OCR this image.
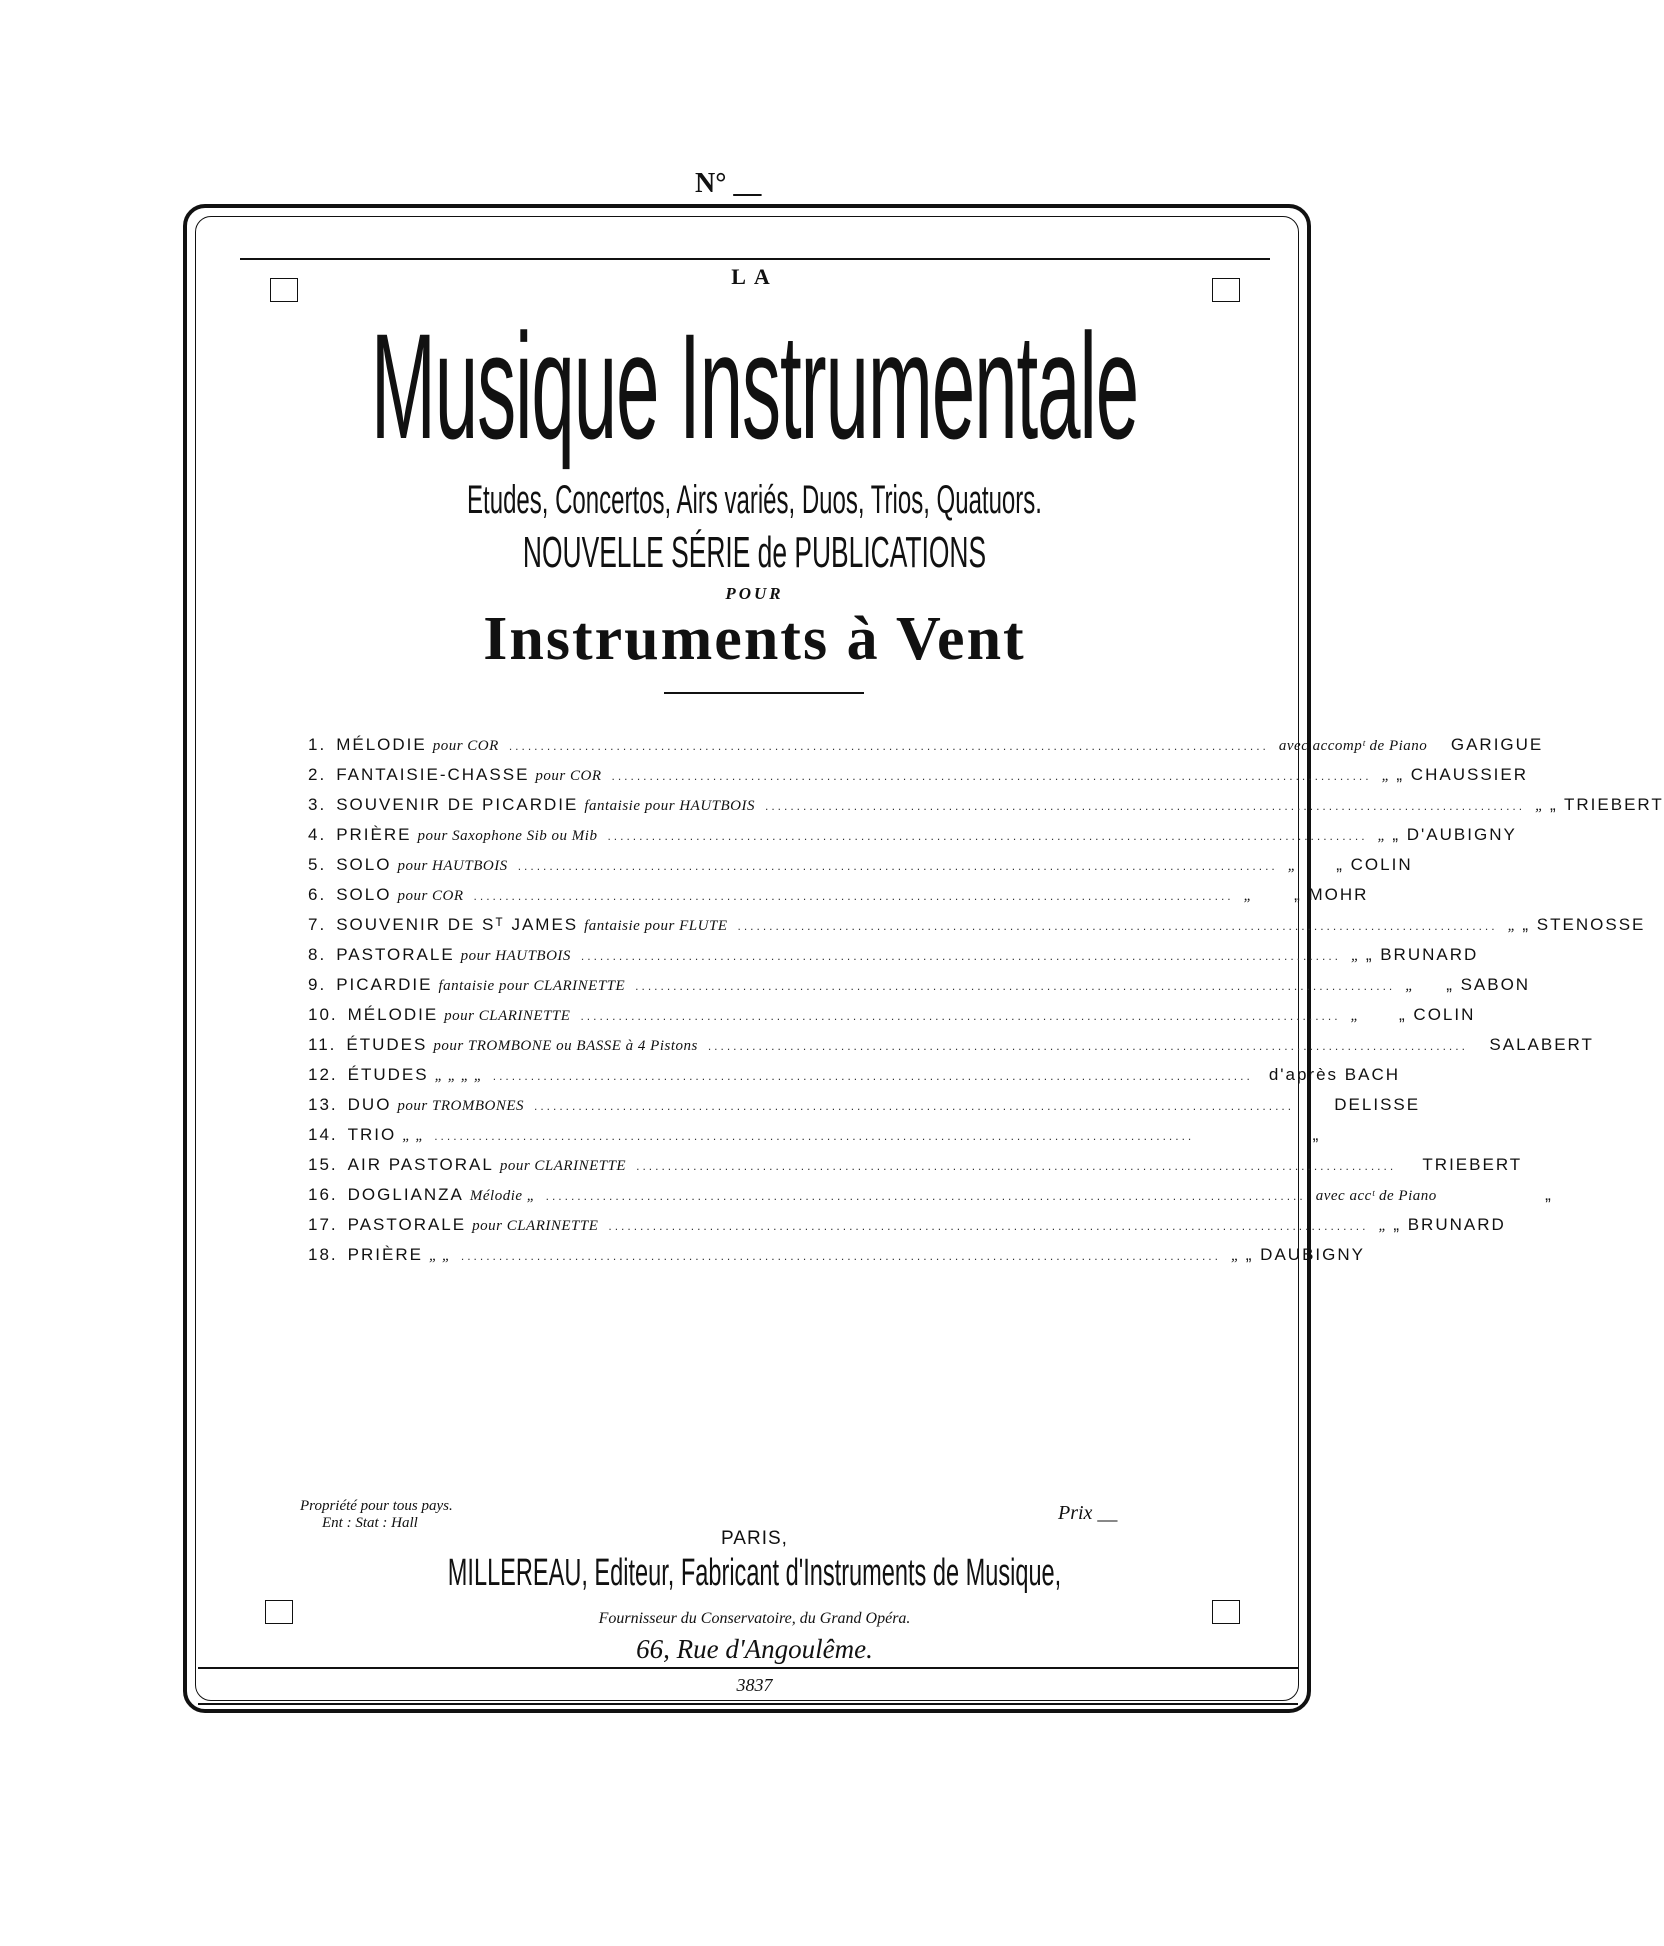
N° __
LA
Musique Instrumentale
Etudes, Concertos, Airs variés, Duos, Trios, Quatuors.
NOUVELLE SÉRIE de PUBLICATIONS
POUR
Instruments à Vent
1. MÉLODIE pour COR ........................................................................................................................ avec accompᵗ de Piano	GARIGUE
2. FANTAISIE-CHASSE pour COR ........................................................................................................................ „ „ CHAUSSIER
3. SOUVENIR DE PICARDIE fantaisie pour HAUTBOIS ........................................................................................................................ „ „ TRIEBERT
4. PRIÈRE pour Saxophone Sib ou Mib ........................................................................................................................ „ „ D'AUBIGNY
5. SOLO pour HAUTBOIS ........................................................................................................................ „	„ COLIN
6. SOLO pour COR ........................................................................................................................ „	„ MOHR
7. SOUVENIR DE Sᵀ JAMES fantaisie pour FLUTE ........................................................................................................................ „ „ STENOSSE
8. PASTORALE pour HAUTBOIS ........................................................................................................................ „ „ BRUNARD
9. PICARDIE fantaisie pour CLARINETTE ........................................................................................................................ „	„ SABON
10. MÉLODIE pour CLARINETTE ........................................................................................................................ „	„ COLIN
11. ÉTUDES pour TROMBONE ou BASSE à 4 Pistons ........................................................................................................................	SALABERT
12. ÉTUDES „ „ „ „ ........................................................................................................................ d'après BACH
13. DUO pour TROMBONES ........................................................................................................................	DELISSE
14. TRIO „ „ ........................................................................................................................	„
15. AIR PASTORAL pour CLARINETTE ........................................................................................................................	TRIEBERT
16. DOGLIANZA Mélodie „ ........................................................................................................................ avec accᵗ de Piano	„
17. PASTORALE pour CLARINETTE ........................................................................................................................ „ „ BRUNARD
18. PRIÈRE „ „ ........................................................................................................................ „ „ DAUBIGNY
Propriété pour tous pays.
Ent : Stat : Hall	Prix __
PARIS,
MILLEREAU, Editeur, Fabricant d'Instruments de Musique,
Fournisseur du Conservatoire, du Grand Opéra.
66, Rue d'Angoulême.
3837
